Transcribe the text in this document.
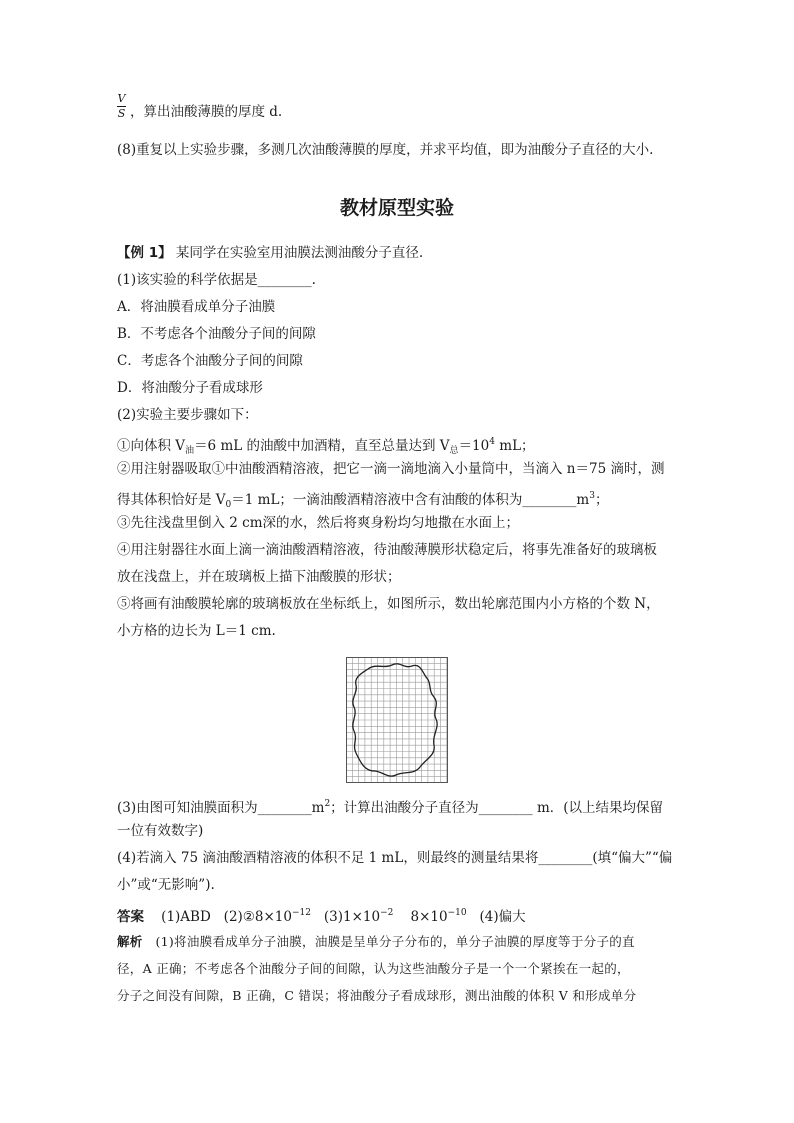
V
S ，算出油酸薄膜的厚度 d.
(8)重复以上实验步骤，多测几次油酸薄膜的厚度，并求平均值，即为油酸分子直径的大小.
教材原型实验
【例 1】 某同学在实验室用油膜法测油酸分子直径.
(1)该实验的科学依据是________.
A．将油膜看成单分子油膜
B．不考虑各个油酸分子间的间隙
C．考虑各个油酸分子间的间隙
D．将油酸分子看成球形
(2)实验主要步骤如下：
①向体积 $V_油=6$ mL 的油酸中加酒精，直至总量达到 $V_总=10^4$ mL；
②用注射器吸取①中油酸酒精溶液，把它一滴一滴地滴入小量筒中，当滴入 n＝75 滴时，测
得其体积恰好是 $V_0=1$ mL；一滴油酸酒精溶液中含有油酸的体积为$\_\_\_\_\_\_\_\_m^3$；
③先往浅盘里倒入 2 cm深的水，然后将爽身粉均匀地撒在水面上；
④用注射器往水面上滴一滴油酸酒精溶液，待油酸薄膜形状稳定后，将事先准备好的玻璃板
放在浅盘上，并在玻璃板上描下油酸膜的形状；
⑤将画有油酸膜轮廓的玻璃板放在坐标纸上，如图所示，数出轮廓范围内小方格的个数 N，
小方格的边长为 L＝1 cm.
(3)由图可知油膜面积为$\_\_\_\_\_\_\_\_m^2$；计算出油酸分子直径为________ m．(以上结果均保留
一位有效数字)
(4)若滴入 75 滴油酸酒精溶液的体积不足 1 mL，则最终的测量结果将________(填“偏大”“偏
小”或“无影响”).
答案 (1)ABD $(2)②8\times 10^{-12}$ $(3)1\times 10^{-2}$ $8\times 10^{-10}$ (4)偏大
解析 (1)将油膜看成单分子油膜，油膜是呈单分子分布的，单分子油膜的厚度等于分子的直
径，A 正确；不考虑各个油酸分子间的间隙，认为这些油酸分子是一个一个紧挨在一起的，
分子之间没有间隙，B 正确，C 错误；将油酸分子看成球形，测出油酸的体积 V 和形成单分
